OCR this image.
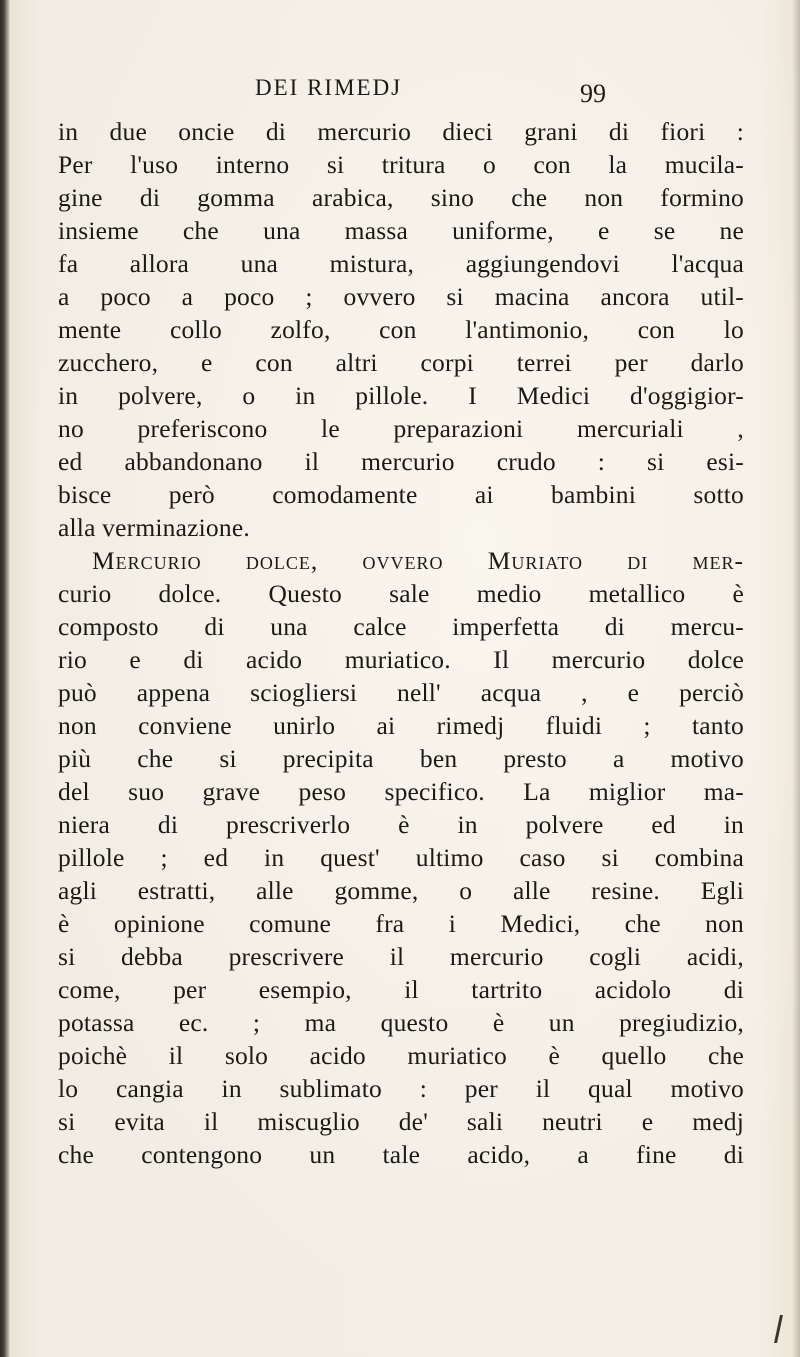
DEI RIMEDJ	99
in due oncie di mercurio dieci grani di fiori :
Per l'uso interno si tritura o con la mucila-
gine di gomma arabica, sino che non formino
insieme che una massa uniforme, e se ne
fa allora una mistura, aggiungendovi l'acqua
a poco a poco ; ovvero si macina ancora util-
mente collo zolfo, con l'antimonio, con lo
zucchero, e con altri corpi terrei per darlo
in polvere, o in pillole. I Medici d'oggigior-
no preferiscono le preparazioni mercuriali ,
ed abbandonano il mercurio crudo : si esi-
bisce però comodamente ai bambini sotto
alla verminazione.
Mercurio dolce, ovvero Muriato di mer-
curio dolce. Questo sale medio metallico è
composto di una calce imperfetta di mercu-
rio e di acido muriatico. Il mercurio dolce
può appena sciogliersi nell' acqua , e perciò
non conviene unirlo ai rimedj fluidi ; tanto
più che si precipita ben presto a motivo
del suo grave peso specifico. La miglior ma-
niera di prescriverlo è in polvere ed in
pillole ; ed in quest' ultimo caso si combina
agli estratti, alle gomme, o alle resine. Egli
è opinione comune fra i Medici, che non
si debba prescrivere il mercurio cogli acidi,
come, per esempio, il tartrito acidolo di
potassa ec. ; ma questo è un pregiudizio,
poichè il solo acido muriatico è quello che
lo cangia in sublimato : per il qual motivo
si evita il miscuglio de' sali neutri e medj
che contengono un tale acido, a fine di
